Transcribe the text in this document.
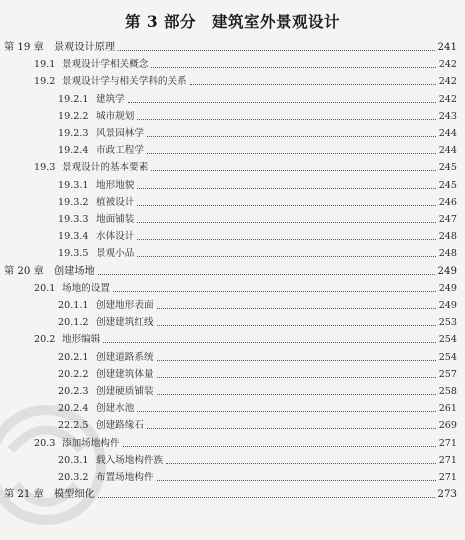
第 3 部分　建筑室外景观设计
第 19 章 景观设计原理	241
19.1 景观设计学相关概念	242
19.2 景观设计学与相关学科的关系	242
19.2.1 建筑学	242
19.2.2 城市规划	243
19.2.3 风景园林学	244
19.2.4 市政工程学	244
19.3 景观设计的基本要素	245
19.3.1 地形地貌	245
19.3.2 植被设计	246
19.3.3 地面铺装	247
19.3.4 水体设计	248
19.3.5 景观小品	248
第 20 章 创建场地	249
20.1 场地的设置	249
20.1.1 创建地形表面	249
20.1.2 创建建筑红线	253
20.2 地形编辑	254
20.2.1 创建道路系统	254
20.2.2 创建建筑体量	257
20.2.3 创建硬质铺装	258
20.2.4 创建水池	261
22.2.5 创建路缘石	269
20.3 添加场地构件	271
20.3.1 载入场地构件族	271
20.3.2 布置场地构件	271
第 21 章 模型细化	273
